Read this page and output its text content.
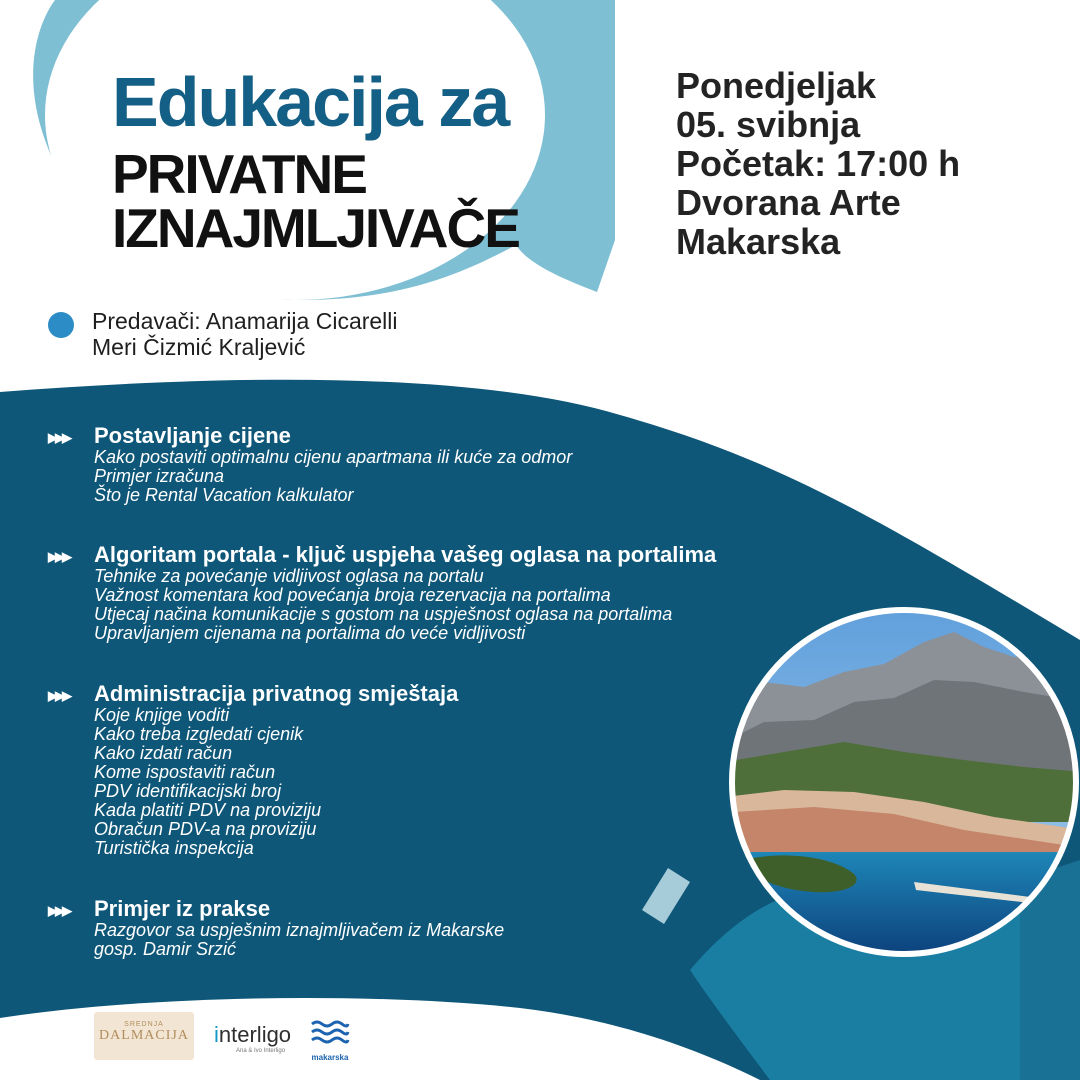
Edukacija za
PRIVATNE
IZNAJMLJIVAČE
Ponedjeljak
05. svibnja
Početak: 17:00 h
Dvorana Arte
Makarska
Predavači: Anamarija Cicarelli
Meri Čizmić Kraljević
▶▶▶ Postavljanje cijene
Kako postaviti optimalnu cijenu apartmana ili kuće za odmor
Primjer izračuna
Što je Rental Vacation kalkulator
▶▶▶ Algoritam portala - ključ uspjeha vašeg oglasa na portalima
Tehnike za povećanje vidljivost oglasa na portalu
Važnost komentara kod povećanja broja rezervacija na portalima
Utjecaj načina komunikacije s gostom na uspješnost oglasa na portalima
Upravljanjem cijenama na portalima do veće vidljivosti
▶▶▶ Administracija privatnog smještaja
Koje knjige voditi
Kako treba izgledati cjenik
Kako izdati račun
Kome ispostaviti račun
PDV identifikacijski broj
Kada platiti PDV na proviziju
Obračun PDV-a na proviziju
Turistička inspekcija
▶▶▶ Primjer iz prakse
Razgovor sa uspješnim iznajmljivačem iz Makarske
gosp. Damir Srzić
SREDNJA
DALMACIJA interligo
Ana & Ivo Interligo
makarska
